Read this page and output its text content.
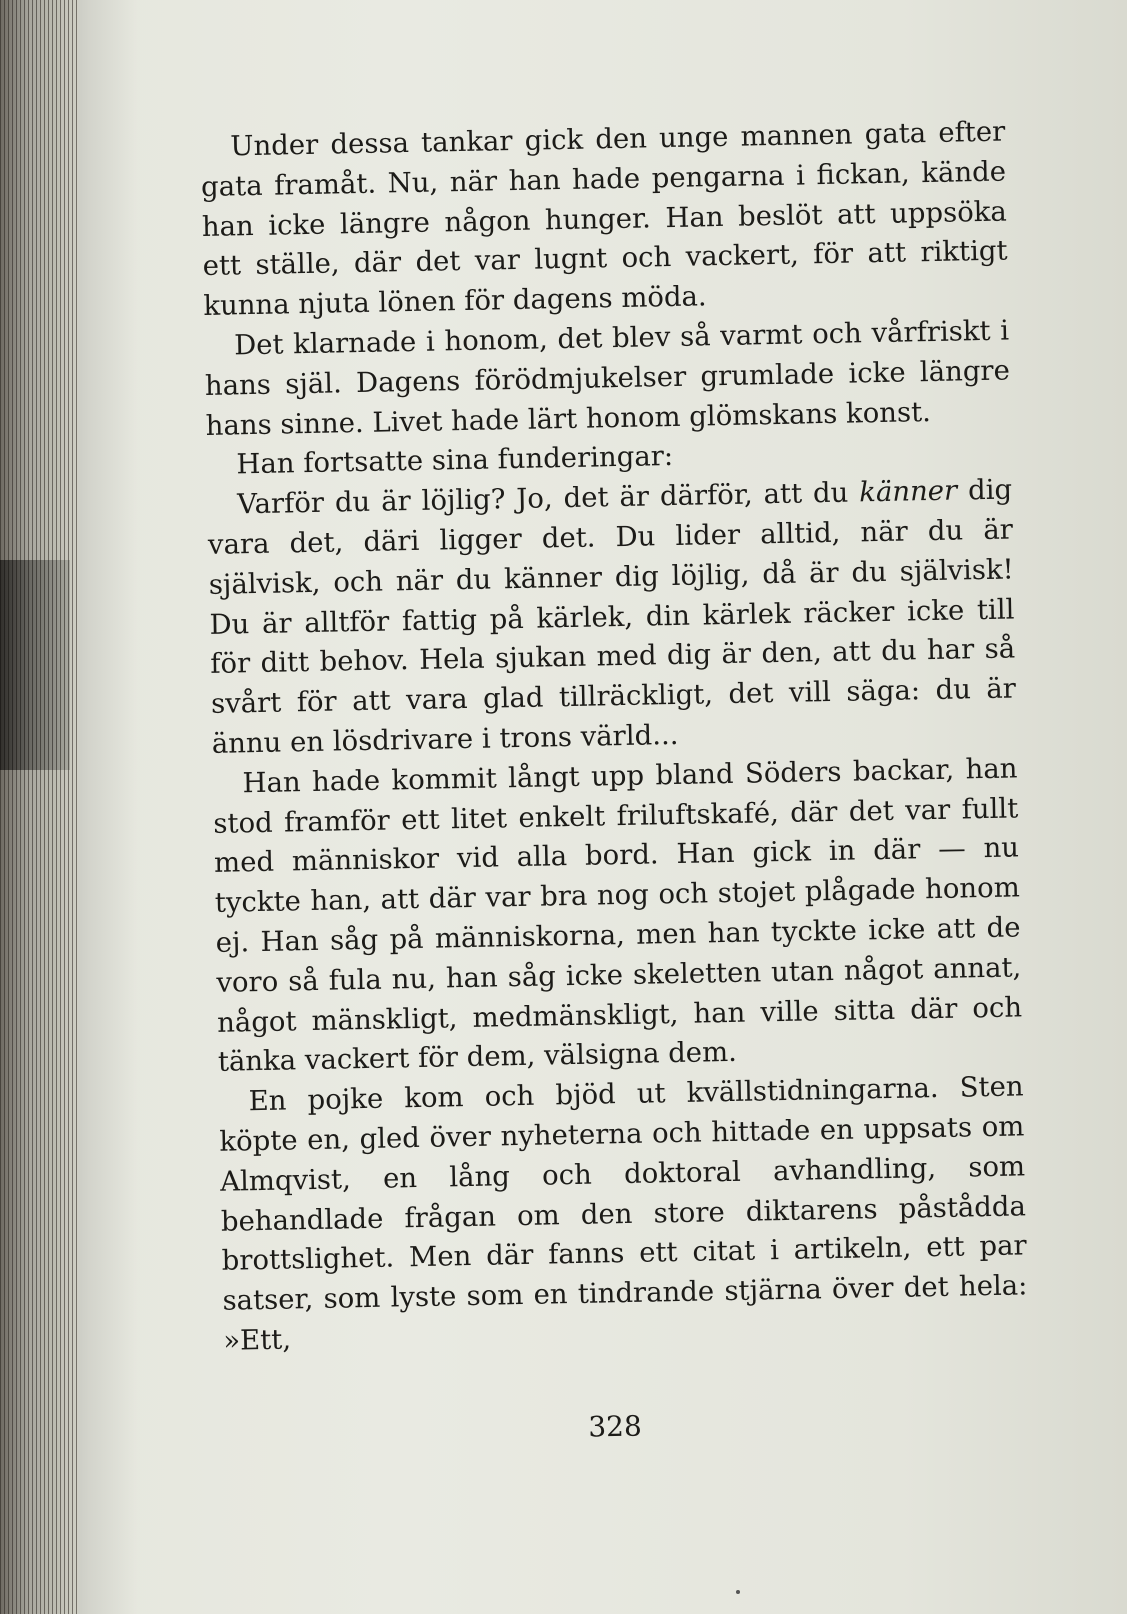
Under dessa tankar gick den unge mannen gata efter gata framåt. Nu, när han hade pengarna i fickan, kände han icke längre någon hunger. Han beslöt att uppsöka ett ställe, där det var lugnt och vackert, för att riktigt kunna njuta lönen för dagens möda.

Det klarnade i honom, det blev så varmt och vårfriskt i hans själ. Dagens förödmjukelser grumlade icke längre hans sinne. Livet hade lärt honom glömskans konst.

Han fortsatte sina funderingar:

Varför du är löjlig? Jo, det är därför, att du känner dig vara det, däri ligger det. Du lider alltid, när du är självisk, och när du känner dig löjlig, då är du självisk! Du är alltför fattig på kärlek, din kärlek räcker icke till för ditt behov. Hela sjukan med dig är den, att du har så svårt för att vara glad tillräckligt, det vill säga: du är ännu en lösdrivare i trons värld...

Han hade kommit långt upp bland Söders backar, han stod framför ett litet enkelt friluftskafé, där det var fullt med människor vid alla bord. Han gick in där — nu tyckte han, att där var bra nog och stojet plågade honom ej. Han såg på människorna, men han tyckte icke att de voro så fula nu, han såg icke skeletten utan något annat, något mänskligt, medmänskligt, han ville sitta där och tänka vackert för dem, välsigna dem.

En pojke kom och bjöd ut kvällstidningarna. Sten köpte en, gled över nyheterna och hittade en uppsats om Almqvist, en lång och doktoral avhandling, som behandlade frågan om den store diktarens påstådda brottslighet. Men där fanns ett citat i artikeln, ett par satser, som lyste som en tindrande stjärna över det hela: »Ett,

328
